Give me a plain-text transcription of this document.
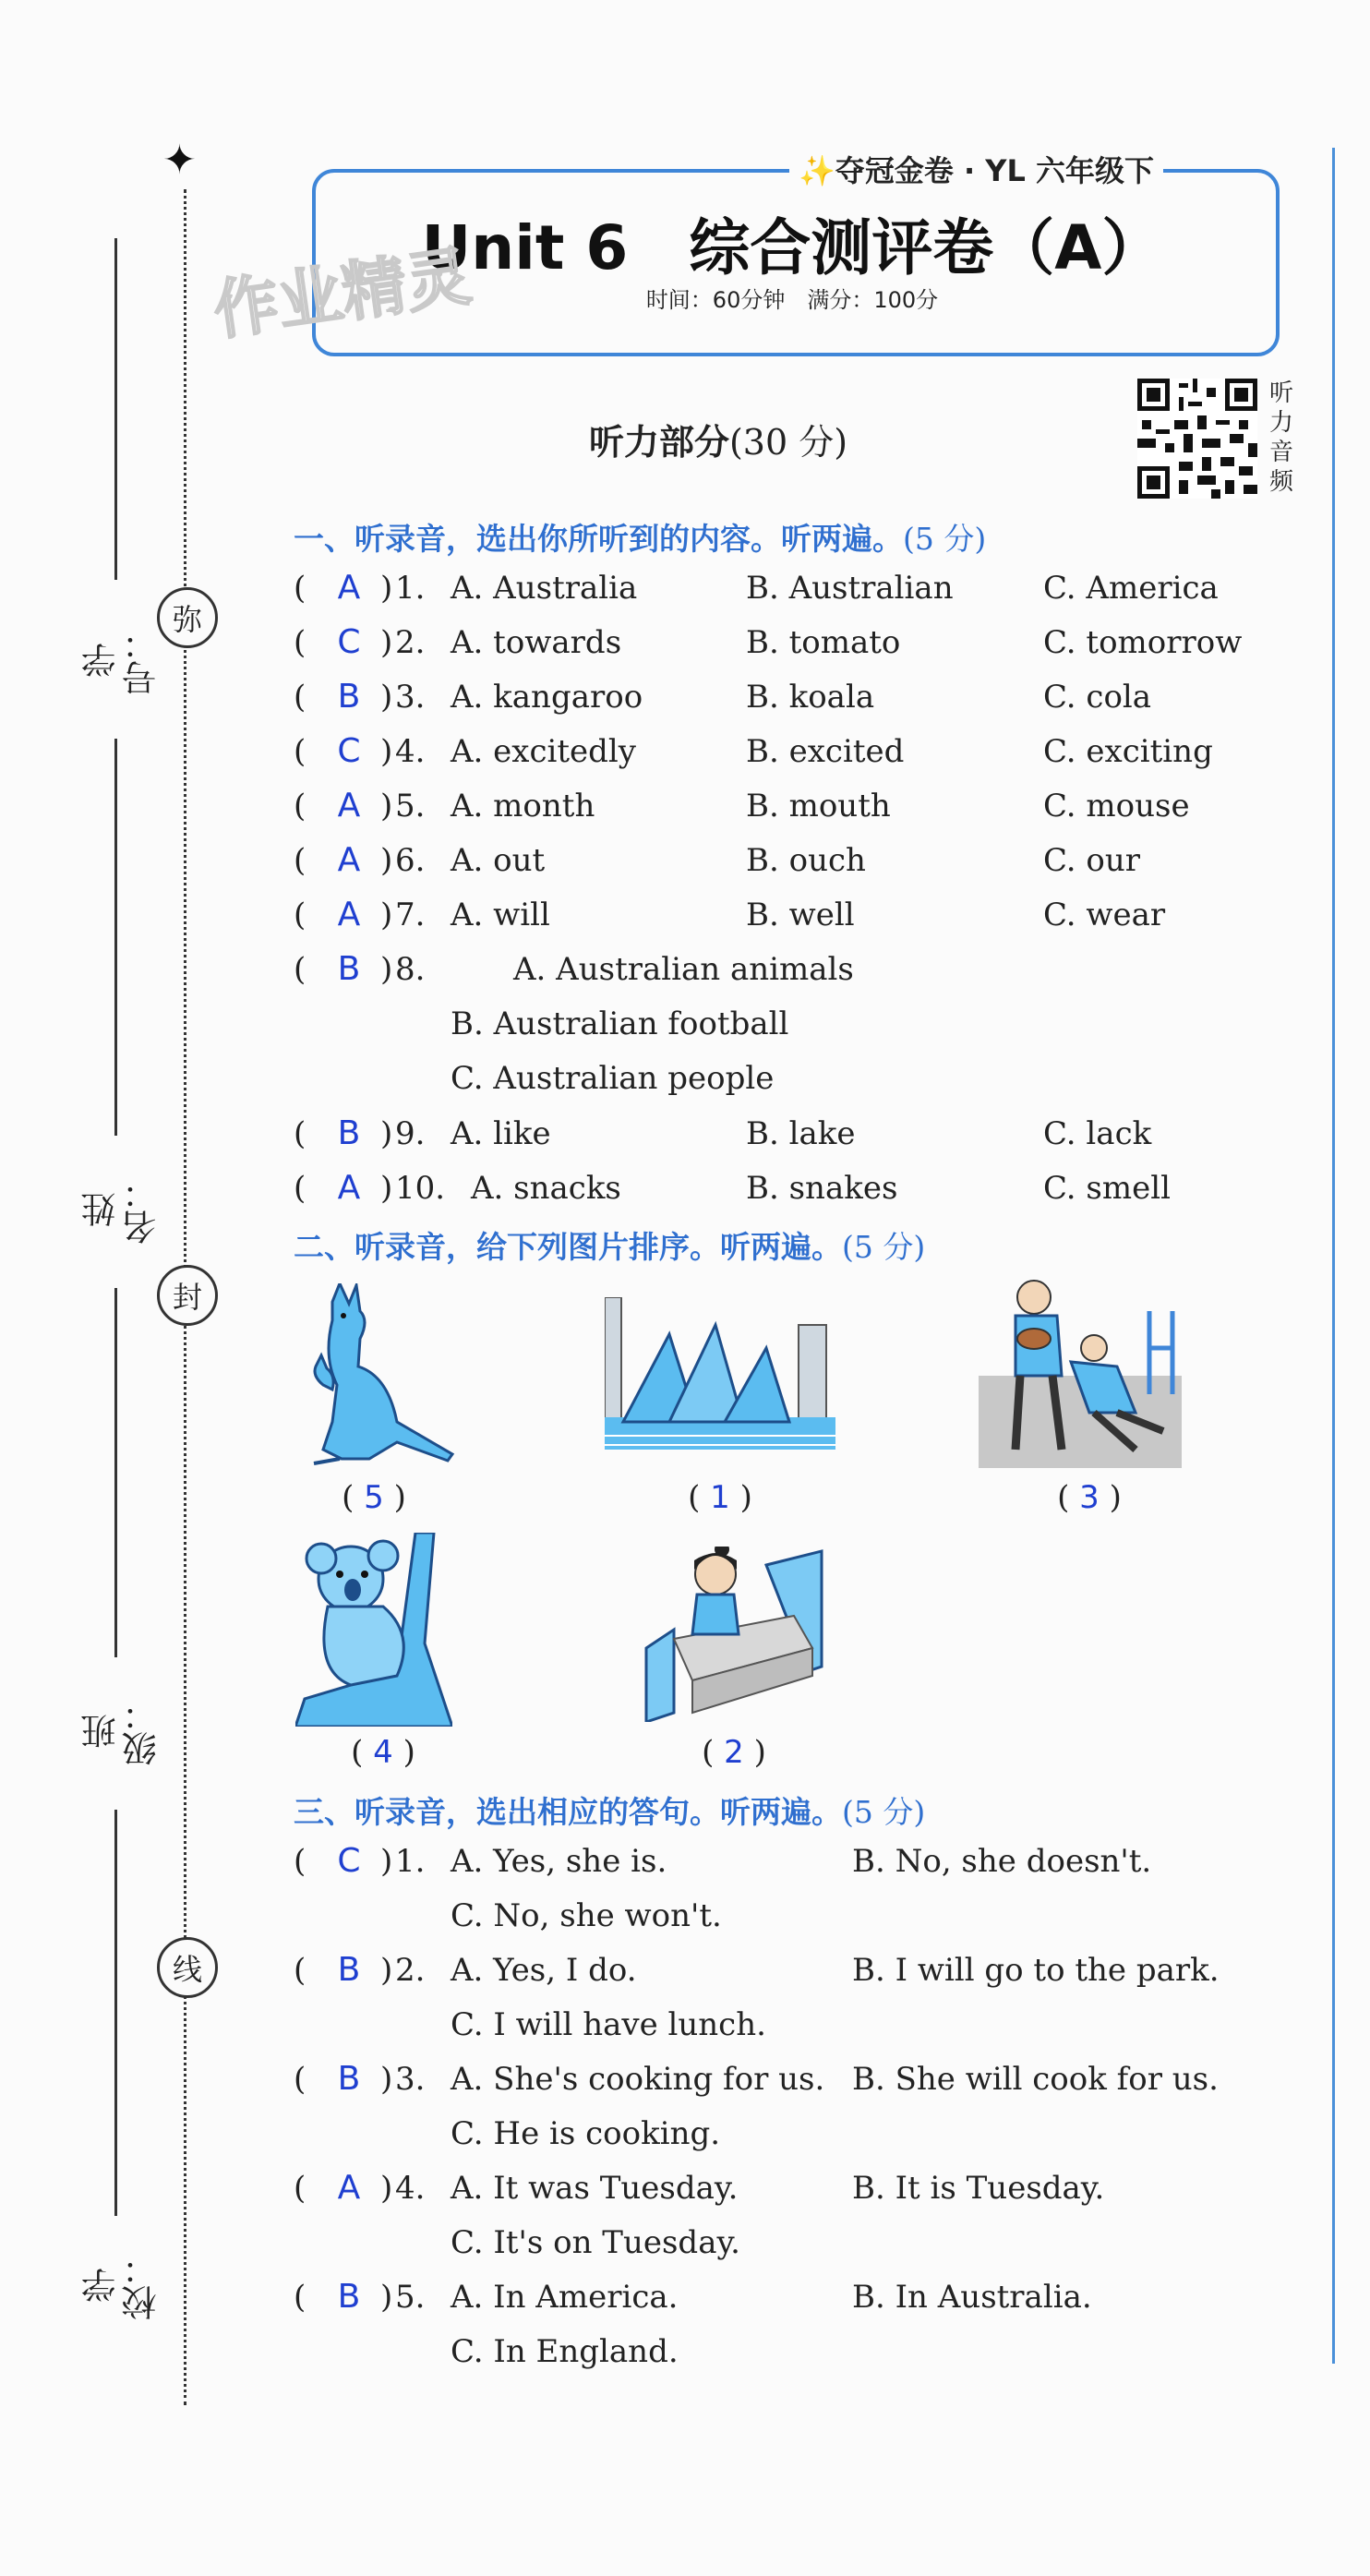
✦
学号：
姓名：
班级：
学校：
弥
封
线
✨夺冠金卷 · YL 六年级下
Unit 6　综合测评卷（A）
时间：60分钟　满分：100分
作业精灵
听力音频
听力部分(30 分)
一、听录音，选出你所听到的内容。听两遍。(5 分)
( A ) 1. A. Australia	B. Australian	C. America
( C ) 2. A. towards	B. tomato	C. tomorrow
( B ) 3. A. kangaroo	B. koala	C. cola
( C ) 4. A. excitedly	B. excited	C. exciting
( A ) 5. A. month	B. mouth	C. mouse
( A ) 6. A. out	B. ouch	C. our
( A ) 7. A. will	B. well	C. wear
( B ) 8.	A. Australian animals
B. Australian football
C. Australian people
( B ) 9. A. like	B. lake	C. lack
( A ) 10. A. snacks	B. snakes	C. smell
二、听录音，给下列图片排序。听两遍。(5 分)
( 5 )	( 1 )	( 3 )
( 4 )	( 2 )
三、听录音，选出相应的答句。听两遍。(5 分)
( C ) 1. A. Yes, she is.	B. No, she doesn't.
C. No, she won't.
( B ) 2. A. Yes, I do.	B. I will go to the park.
C. I will have lunch.
( B ) 3. A. She's cooking for us. B. She will cook for us.
C. He is cooking.
( A ) 4. A. It was Tuesday.	B. It is Tuesday.
C. It's on Tuesday.
( B ) 5. A. In America.	B. In Australia.
C. In England.
